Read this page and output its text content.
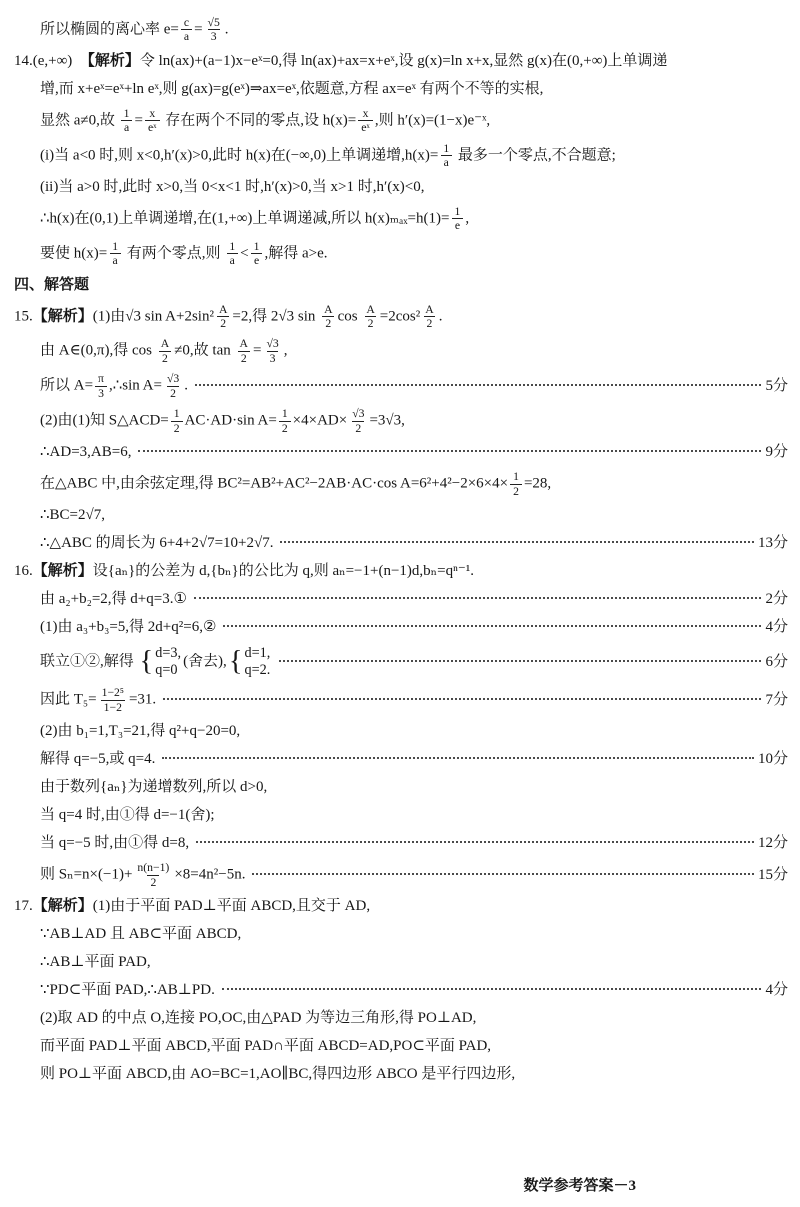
所以椭圆的离心率 $e= \frac{c}{a} = \frac{√5}{3}$ .
14.(e,+∞)  【解析】令 ln(ax)+(a−1)x−eˣ=0,得 ln(ax)+ax=x+eˣ,设 g(x)=ln x+x,显然 g(x)在(0,+∞)上单调递
增,而 x+eˣ=eˣ+ln eˣ,则 g(ax)=g(eˣ)⇒ax=eˣ,依题意,方程 ax=eˣ 有两个不等的实根,
显然 a≠0,故 $\frac{1}{a} = \frac{x}{\text{eˣ}}$ 存在两个不同的零点,设 $h(x)= \frac{x}{\text{eˣ}}$ ,则 h′(x)=(1−x)e⁻ˣ,
(i)当 a<0 时,则 x<0,h′(x)>0,此时 h(x)在(−∞,0)上单调递增$,h(x)= \frac{1}{a}$ 最多一个零点,不合题意;
(ii)当 a>0 时,此时 x>0,当 0<x<1 时,h′(x)>0,当 x>1 时,h′(x)<0,
∴h(x)在(0,1)上单调递增,在(1,+∞)上单调递减,所以 $h(x)_{max}=h(1)= \frac{1}{e}$ ,
要使 $h(x)= \frac{1}{a}$ 有两个零点,则 $\frac{1}{a} < \frac{1}{e}$ ,解得 a>e.
四、解答题
15.【解析】(1)由√3 $\sin A+2\sin^2 \frac{A}{2} =2$,得 2√3 $\sin \frac{A}{2}$ $\cos \frac{A}{2} =2\cos^2 \frac{A}{2}$ .
由 A∈(0,π),得 $\cos \frac{A}{2} \ne 0$,故 $\tan \frac{A}{2} = \frac{√3}{3}$ ,
所以 $A= \frac{\pi}{3}$ ,∴sin $A= \frac{√3}{2}$ .	5分
(2)由(1)知 S△ACD= $\frac{1}{2} AC\cdot AD\cdot\sin$ $A= \frac{1}{2} \times 4\times AD\times \frac{√3}{2} =3√3$,
∴AD=3,AB=6,	9分
在△ABC 中,由余弦定理,得 BC²=AB²+AC²−2AB·AC·cos $A=6^2+4^2-2\times 6\times 4\times \frac{1}{2} =28$,
∴BC=2√7,
∴△ABC 的周长为 6+4+2√7=10+2√7.	13分
16.【解析】设{aₙ}的公差为 d,{bₙ}的公比为 q,则 aₙ=−1+(n−1)d,bₙ=qⁿ⁻¹.
由 a₂+b₂=2,得 d+q=3.①	2分
(1)由 a₃+b₃=5,得 2d+q²=6,②	4分
联立①②,解得 { d=3,
q=0
(舍去), { d=1,
q=2.
6分
因此 $T_5= \frac{\text{1−2⁵}}{1-2} =31$.	7分
(2)由 b₁=1,T₃=21,得 q²+q−20=0,
解得 q=−5,或 q=4.	10分
由于数列{aₙ}为递增数列,所以 d>0,
当 q=4 时,由①得 d=−1(舍);
当 q=−5 时,由①得 d=8,	12分
则 $S_n=n\times(-1)+ \frac{n(n-1)}{2} \times 8=4n^2-5n$.	15分
17.【解析】(1)由于平面 PAD⊥平面 ABCD,且交于 AD,
∵AB⊥AD 且 AB⊂平面 ABCD,
∴AB⊥平面 PAD,
∵PD⊂平面 PAD,∴AB⊥PD.	4分
(2)取 AD 的中点 O,连接 PO,OC,由△PAD 为等边三角形,得 PO⊥AD,
而平面 PAD⊥平面 ABCD,平面 PAD∩平面 ABCD=AD,PO⊂平面 PAD,
则 PO⊥平面 ABCD,由 AO=BC=1,AO∥BC,得四边形 ABCO 是平行四边形,
数学参考答案－3
